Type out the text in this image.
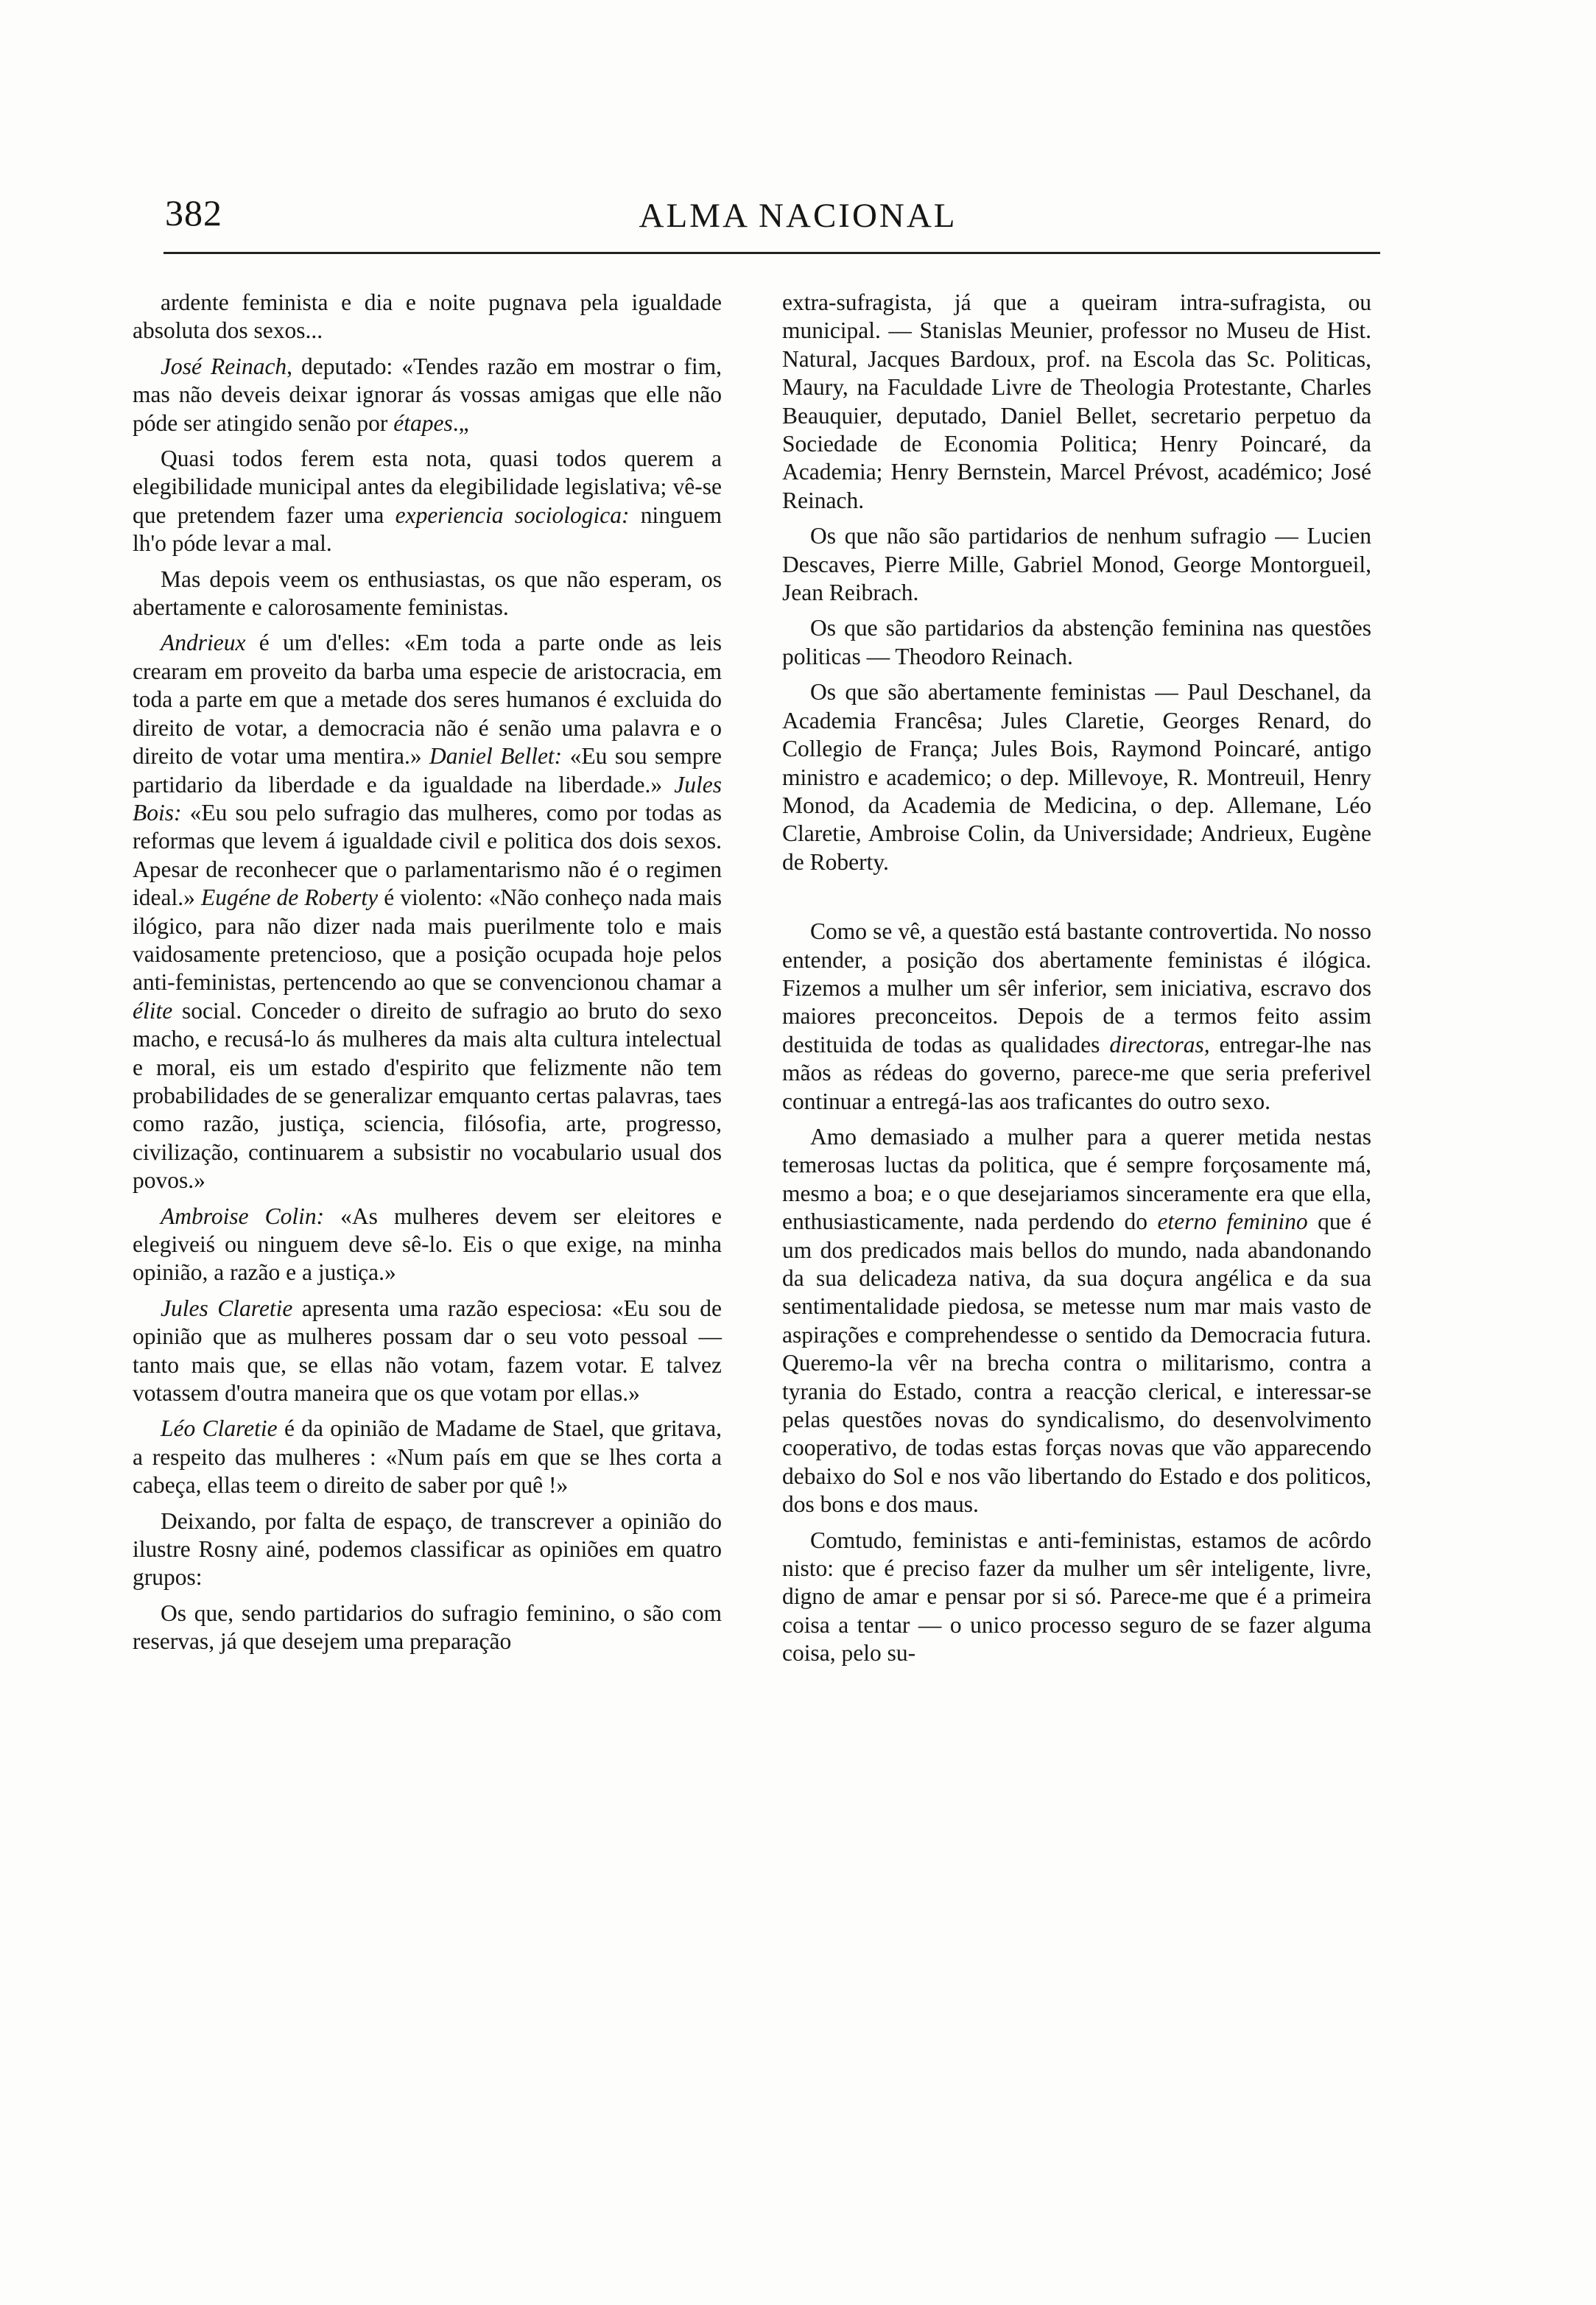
382	ALMA NACIONAL

ardente feminista e dia e noite pugnava pela igualdade absoluta dos sexos...

José Reinach, deputado: «Tendes razão em mostrar o fim, mas não deveis deixar ignorar ás vossas amigas que elle não póde ser atingido senão por étapes.„

Quasi todos ferem esta nota, quasi todos querem a elegibilidade municipal antes da elegibilidade legislativa; vê-se que pretendem fazer uma experiencia sociologica: ninguem lh'o póde levar a mal.

Mas depois veem os enthusiastas, os que não esperam, os abertamente e calorosamente feministas.

Andrieux é um d'elles: «Em toda a parte onde as leis crearam em proveito da barba uma especie de aristocracia, em toda a parte em que a metade dos seres humanos é excluida do direito de votar, a democracia não é senão uma palavra e o direito de votar uma mentira.» Daniel Bellet: «Eu sou sempre partidario da liberdade e da igualdade na liberdade.» Jules Bois: «Eu sou pelo sufragio das mulheres, como por todas as reformas que levem á igualdade civil e politica dos dois sexos. Apesar de reconhecer que o parlamentarismo não é o regimen ideal.» Eugéne de Roberty é violento: «Não conheço nada mais ilógico, para não dizer nada mais puerilmente tolo e mais vaidosamente pretencioso, que a posição ocupada hoje pelos anti-feministas, pertencendo ao que se convencionou chamar a élite social. Conceder o direito de sufragio ao bruto do sexo macho, e recusá-lo ás mulheres da mais alta cultura intelectual e moral, eis um estado d'espirito que felizmente não tem probabilidades de se generalizar emquanto certas palavras, taes como razão, justiça, sciencia, filósofia, arte, progresso, civilização, continuarem a subsistir no vocabulario usual dos povos.»

Ambroise Colin: «As mulheres devem ser eleitores e elegiveiś ou ninguem deve sê-lo. Eis o que exige, na minha opinião, a razão e a justiça.»

Jules Claretie apresenta uma razão especiosa: «Eu sou de opinião que as mulheres possam dar o seu voto pessoal — tanto mais que, se ellas não votam, fazem votar. E talvez votassem d'outra maneira que os que votam por ellas.»

Léo Claretie é da opinião de Madame de Stael, que gritava, a respeito das mulheres : «Num país em que se lhes corta a cabeça, ellas teem o direito de saber por quê !»

Deixando, por falta de espaço, de transcrever a opinião do ilustre Rosny ainé, podemos classificar as opiniões em quatro grupos:

Os que, sendo partidarios do sufragio feminino, o são com reservas, já que desejem uma preparação

extra-sufragista, já que a queiram intra-sufragista, ou municipal. — Stanislas Meunier, professor no Museu de Hist. Natural, Jacques Bardoux, prof. na Escola das Sc. Politicas, Maury, na Faculdade Livre de Theologia Protestante, Charles Beauquier, deputado, Daniel Bellet, secretario perpetuo da Sociedade de Economia Politica; Henry Poincaré, da Academia; Henry Bernstein, Marcel Prévost, académico; José Reinach.

Os que não são partidarios de nenhum sufragio — Lucien Descaves, Pierre Mille, Gabriel Monod, George Montorgueil, Jean Reibrach.

Os que são partidarios da abstenção feminina nas questões politicas — Theodoro Reinach.

Os que são abertamente feministas — Paul Deschanel, da Academia Francêsa; Jules Claretie, Georges Renard, do Collegio de França; Jules Bois, Raymond Poincaré, antigo ministro e academico; o dep. Millevoye, R. Montreuil, Henry Monod, da Academia de Medicina, o dep. Allemane, Léo Claretie, Ambroise Colin, da Universidade; Andrieux, Eugène de Roberty.

Como se vê, a questão está bastante controvertida. No nosso entender, a posição dos abertamente feministas é ilógica. Fizemos a mulher um sêr inferior, sem iniciativa, escravo dos maiores preconceitos. Depois de a termos feito assim destituida de todas as qualidades directoras, entregar-lhe nas mãos as rédeas do governo, parece-me que seria preferivel continuar a entregá-las aos traficantes do outro sexo.

Amo demasiado a mulher para a querer metida nestas temerosas luctas da politica, que é sempre forçosamente má, mesmo a boa; e o que desejariamos sinceramente era que ella, enthusiasticamente, nada perdendo do eterno feminino que é um dos predicados mais bellos do mundo, nada abandonando da sua delicadeza nativa, da sua doçura angélica e da sua sentimentalidade piedosa, se metesse num mar mais vasto de aspirações e comprehendesse o sentido da Democracia futura. Queremo-la vêr na brecha contra o militarismo, contra a tyrania do Estado, contra a reacção clerical, e interessar-se pelas questões novas do syndicalismo, do desenvolvimento cooperativo, de todas estas forças novas que vão apparecendo debaixo do Sol e nos vão libertando do Estado e dos politicos, dos bons e dos maus.

Comtudo, feministas e anti-feministas, estamos de acôrdo nisto: que é preciso fazer da mulher um sêr inteligente, livre, digno de amar e pensar por si só. Parece-me que é a primeira coisa a tentar — o unico processo seguro de se fazer alguma coisa, pelo su-
